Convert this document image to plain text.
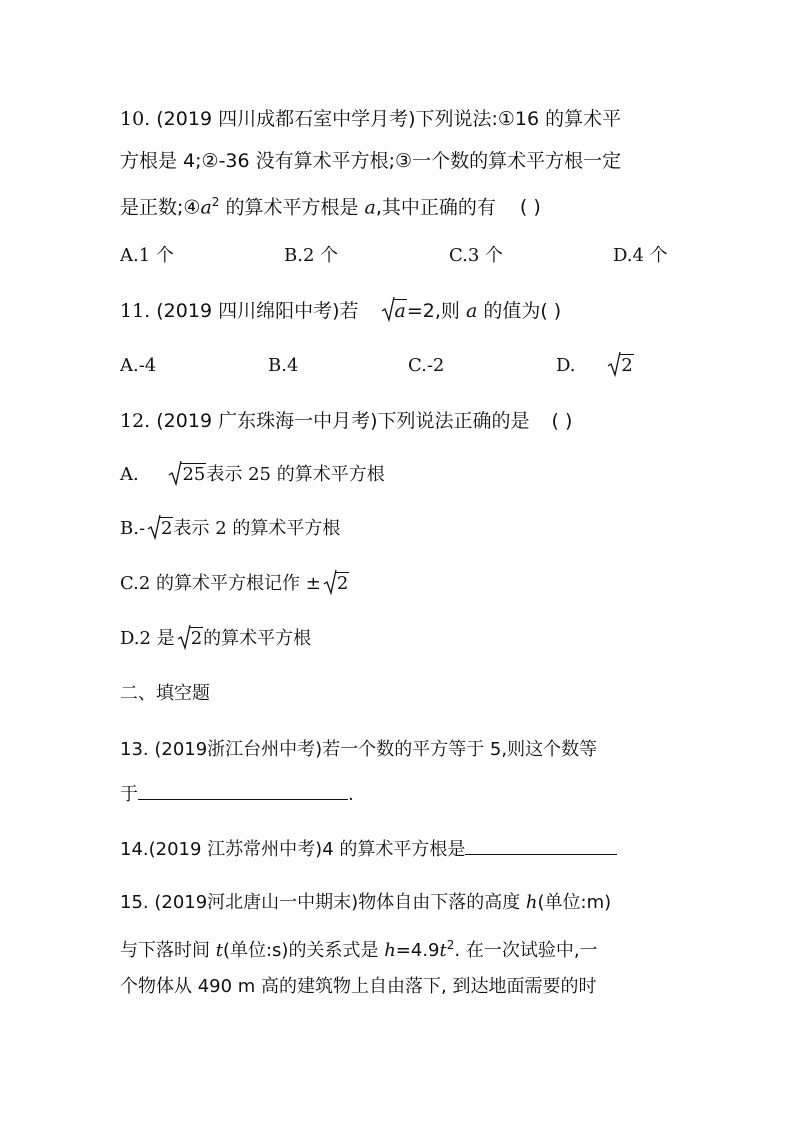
10. (2019 四川成都石室中学月考)下列说法:①16 的算术平
方根是 4;②-36 没有算术平方根;③一个数的算术平方根一定
是正数$;④a^2$ 的算术平方根是 a,其中正确的有 ( )
A.1 个	B.2 个	C.3 个	D.4 个
11. (2019 四川绵阳中考)若 a=2,则 a 的值为( )
A.-4	B.4	C.-2	D.	2
12. (2019 广东珠海一中月考)下列说法正确的是 ( )
A. 25表示 25 的算术平方根
B.- 2表示 2 的算术平方根
C.2 的算术平方根记作 ± 2
D.2 是 2的算术平方根
二、填空题
13. (2019浙江台州中考)若一个数的平方等于 5,则这个数等
于	.
14.(2019 江苏常州中考)4 的算术平方根是
15. (2019河北唐山一中期末)物体自由下落的高度 h(单位:m)
与下落时间 t(单位:s)的关系式是 $h=4.9t^2$. 在一次试验中,一
个物体从 490 m 高的建筑物上自由落下, 到达地面需要的时
